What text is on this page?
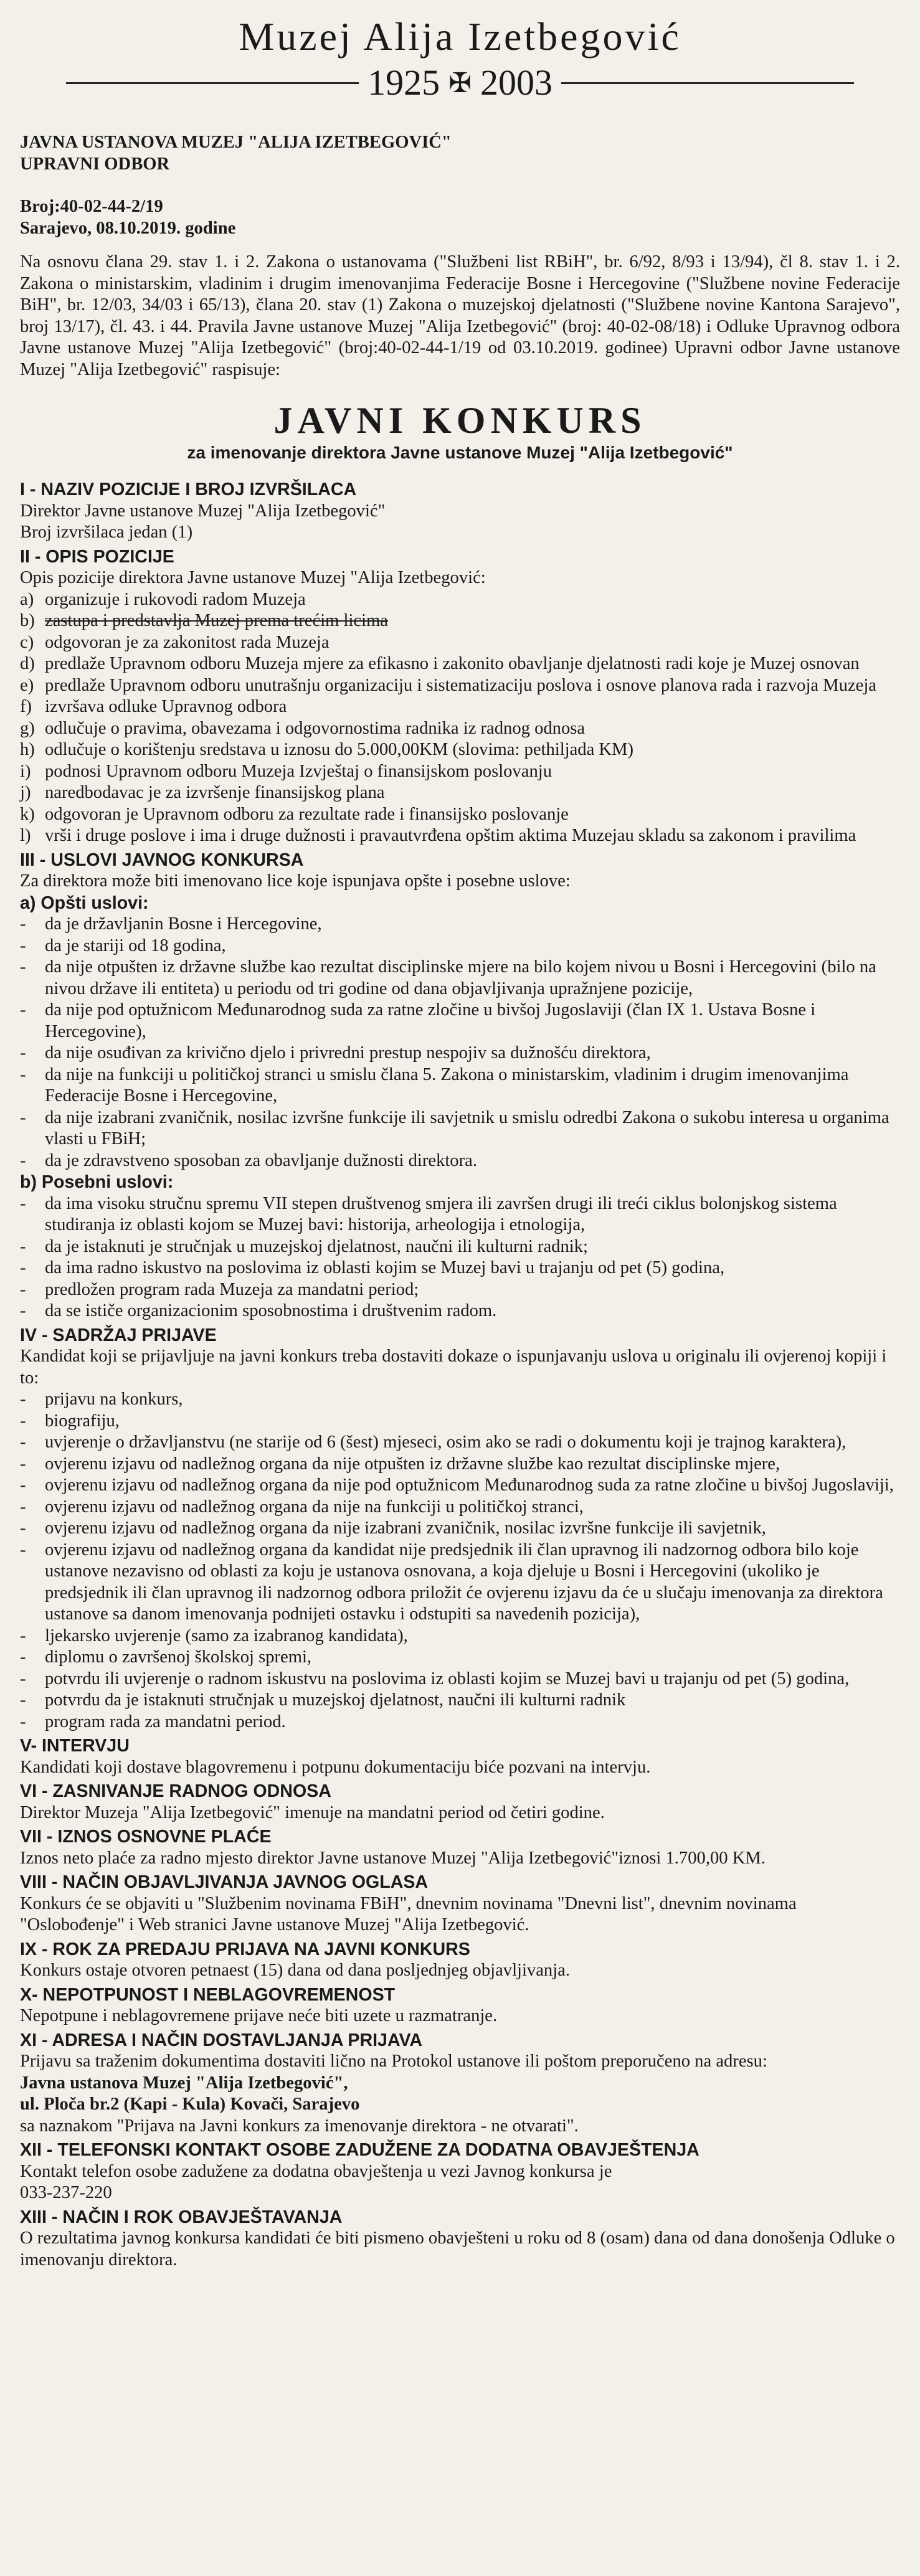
Muzej Alija Izetbegović
1925 ✠ 2003
JAVNA USTANOVA MUZEJ "ALIJA IZETBEGOVIĆ"
UPRAVNI ODBOR
Broj:40-02-44-2/19
Sarajevo, 08.10.2019. godine
Na osnovu člana 29. stav 1. i 2. Zakona o ustanovama ("Službeni list RBiH", br. 6/92, 8/93 i 13/94), čl 8. stav 1. i 2. Zakona o ministarskim, vladinim i drugim imenovanjima Federacije Bosne i Hercegovine ("Službene novine Federacije BiH", br. 12/03, 34/03 i 65/13), člana 20. stav (1) Zakona o muzejskoj djelatnosti ("Službene novine Kantona Sarajevo", broj 13/17), čl. 43. i 44. Pravila Javne ustanove Muzej "Alija Izetbegović" (broj: 40-02-08/18) i Odluke Upravnog odbora Javne ustanove Muzej "Alija Izetbegović" (broj:40-02-44-1/19 od 03.10.2019. godinee) Upravni odbor Javne ustanove Muzej "Alija Izetbegović" raspisuje:
JAVNI KONKURS
za imenovanje direktora Javne ustanove Muzej "Alija Izetbegović"
I - NAZIV POZICIJE I BROJ IZVRŠILACA
Direktor Javne ustanove Muzej "Alija Izetbegović"
Broj izvršilaca jedan (1)
II - OPIS POZICIJE
Opis pozicije direktora Javne ustanove Muzej "Alija Izetbegović:
a) organizuje i rukovodi radom Muzeja
b) zastupa i predstavlja Muzej prema trećim licima
c) odgovoran je za zakonitost rada Muzeja
d) predlaže Upravnom odboru Muzeja mjere za efikasno i zakonito obavljanje djelatnosti radi koje je Muzej osnovan
e) predlaže Upravnom odboru unutrašnju organizaciju i sistematizaciju poslova i osnove planova rada i razvoja Muzeja
f) izvršava odluke Upravnog odbora
g) odlučuje o pravima, obavezama i odgovornostima radnika iz radnog odnosa
h) odlučuje o korištenju sredstava u iznosu do 5.000,00KM (slovima: pethiljada KM)
i) podnosi Upravnom odboru Muzeja Izvještaj o finansijskom poslovanju
j) naredbodavac je za izvršenje finansijskog plana
k) odgovoran je Upravnom odboru za rezultate rade i finansijsko poslovanje
l) vrši i druge poslove i ima i druge dužnosti i pravautvrđena opštim aktima Muzejau skladu sa zakonom i pravilima
III - USLOVI JAVNOG KONKURSA
Za direktora može biti imenovano lice koje ispunjava opšte i posebne uslove:
a) Opšti uslovi:
-	da je državljanin Bosne i Hercegovine,
-	da je stariji od 18 godina,
-	da nije otpušten iz državne službe kao rezultat disciplinske mjere na bilo kojem nivou u Bosni i Hercegovini (bilo na nivou države ili entiteta) u periodu od tri godine od dana objavljivanja upražnjene pozicije,
-	da nije pod optužnicom Međunarodnog suda za ratne zločine u bivšoj Jugoslaviji (član IX 1. Ustava Bosne i Hercegovine),
-	da nije osuđivan za krivično djelo i privredni prestup nespojiv sa dužnošću direktora,
-	da nije na funkciji u političkoj stranci u smislu člana 5. Zakona o ministarskim, vladinim i drugim imenovanjima Federacije Bosne i Hercegovine,
-	da nije izabrani zvaničnik, nosilac izvršne funkcije ili savjetnik u smislu odredbi Zakona o sukobu interesa u organima vlasti u FBiH;
-	da je zdravstveno sposoban za obavljanje dužnosti direktora.
b) Posebni uslovi:
-	da ima visoku stručnu spremu VII stepen društvenog smjera ili završen drugi ili treći ciklus bolonjskog sistema studiranja iz oblasti kojom se Muzej bavi: historija, arheologija i etnologija,
-	da je istaknuti je stručnjak u muzejskoj djelatnost, naučni ili kulturni radnik;
-	da ima radno iskustvo na poslovima iz oblasti kojim se Muzej bavi u trajanju od pet (5) godina,
-	predložen program rada Muzeja za mandatni period;
-	da se ističe organizacionim sposobnostima i društvenim radom.
IV - SADRŽAJ PRIJAVE
Kandidat koji se prijavljuje na javni konkurs treba dostaviti dokaze o ispunjavanju uslova u originalu ili ovjerenoj kopiji i to:
-	prijavu na konkurs,
-	biografiju,
-	uvjerenje o državljanstvu (ne starije od 6 (šest) mjeseci, osim ako se radi o dokumentu koji je trajnog karaktera),
-	ovjerenu izjavu od nadležnog organa da nije otpušten iz državne službe kao rezultat disciplinske mjere,
-	ovjerenu izjavu od nadležnog organa da nije pod optužnicom Međunarodnog suda za ratne zločine u bivšoj Jugoslaviji,
-	ovjerenu izjavu od nadležnog organa da nije na funkciji u političkoj stranci,
-	ovjerenu izjavu od nadležnog organa da nije izabrani zvaničnik, nosilac izvršne funkcije ili savjetnik,
-	ovjerenu izjavu od nadležnog organa da kandidat nije predsjednik ili član upravnog ili nadzornog odbora bilo koje ustanove nezavisno od oblasti za koju je ustanova osnovana, a koja djeluje u Bosni i Hercegovini (ukoliko je predsjednik ili član upravnog ili nadzornog odbora priložit će ovjerenu izjavu da će u slučaju imenovanja za direktora ustanove sa danom imenovanja podnijeti ostavku i odstupiti sa navedenih pozicija),
-	ljekarsko uvjerenje (samo za izabranog kandidata),
-	diplomu o završenoj školskoj spremi,
-	potvrdu ili uvjerenje o radnom iskustvu na poslovima iz oblasti kojim se Muzej bavi u trajanju od pet (5) godina,
-	potvrdu da je istaknuti stručnjak u muzejskoj djelatnost, naučni ili kulturni radnik
-	program rada za mandatni period.
V- INTERVJU
Kandidati koji dostave blagovremenu i potpunu dokumentaciju biće pozvani na intervju.
VI - ZASNIVANJE RADNOG ODNOSA
Direktor Muzeja "Alija Izetbegović" imenuje na mandatni period od četiri godine.
VII - IZNOS OSNOVNE PLAĆE
Iznos neto plaće za radno mjesto direktor Javne ustanove Muzej "Alija Izetbegović"iznosi 1.700,00 KM.
VIII - NAČIN OBJAVLJIVANJA JAVNOG OGLASA
Konkurs će se objaviti u "Službenim novinama FBiH", dnevnim novinama "Dnevni list", dnevnim novinama "Oslobođenje" i Web stranici Javne ustanove Muzej "Alija Izetbegović.
IX - ROK ZA PREDAJU PRIJAVA NA JAVNI KONKURS
Konkurs ostaje otvoren petnaest (15) dana od dana posljednjeg objavljivanja.
X- NEPOTPUNOST I NEBLAGOVREMENOST
Nepotpune i neblagovremene prijave neće biti uzete u razmatranje.
XI - ADRESA I NAČIN DOSTAVLJANJA PRIJAVA
Prijavu sa traženim dokumentima dostaviti lično na Protokol ustanove ili poštom preporučeno na adresu:
Javna ustanova Muzej "Alija Izetbegović",
ul. Ploča br.2 (Kapi - Kula) Kovači, Sarajevo
sa naznakom "Prijava na Javni konkurs za imenovanje direktora - ne otvarati".
XII - TELEFONSKI KONTAKT OSOBE ZADUŽENE ZA DODATNA OBAVJEŠTENJA
Kontakt telefon osobe zadužene za dodatna obavještenja u vezi Javnog konkursa je
033-237-220
XIII - NAČIN I ROK OBAVJEŠTAVANJA
O rezultatima javnog konkursa kandidati će biti pismeno obavješteni u roku od 8 (osam) dana od dana donošenja Odluke o imenovanju direktora.
